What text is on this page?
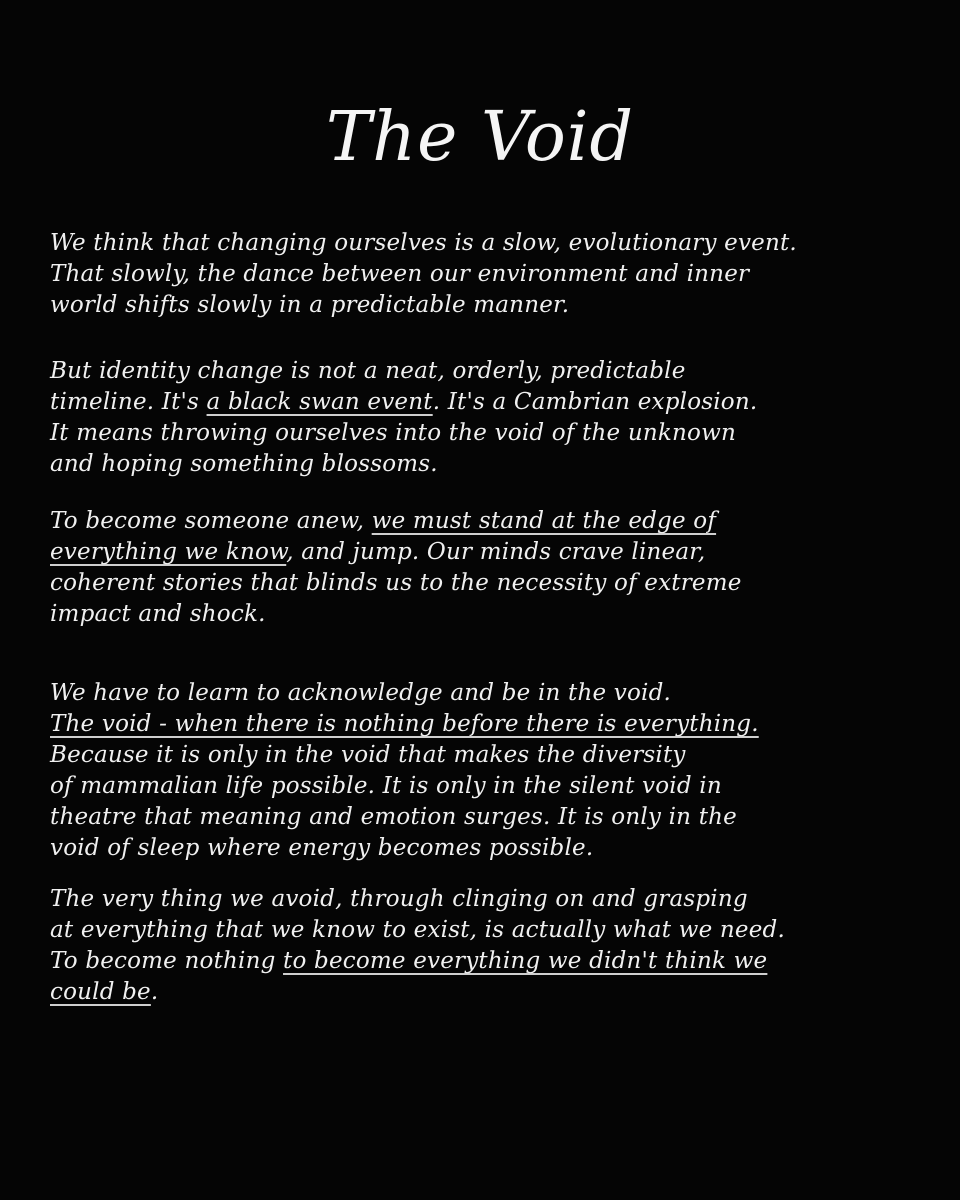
The Void

We think that changing ourselves is a slow, evolutionary event.
That slowly, the dance between our environment and inner
world shifts slowly in a predictable manner.

But identity change is not a neat, orderly, predictable
timeline. It's a black swan event. It's a Cambrian explosion.
It means throwing ourselves into the void of the unknown
and hoping something blossoms.

To become someone anew, we must stand at the edge of
everything we know, and jump. Our minds crave linear,
coherent stories that blinds us to the necessity of extreme
impact and shock.

We have to learn to acknowledge and be in the void.
The void - when there is nothing before there is everything.
Because it is only in the void that makes the diversity
of mammalian life possible. It is only in the silent void in
theatre that meaning and emotion surges. It is only in the
void of sleep where energy becomes possible.

The very thing we avoid, through clinging on and grasping
at everything that we know to exist, is actually what we need.
To become nothing to become everything we didn't think we
could be.
